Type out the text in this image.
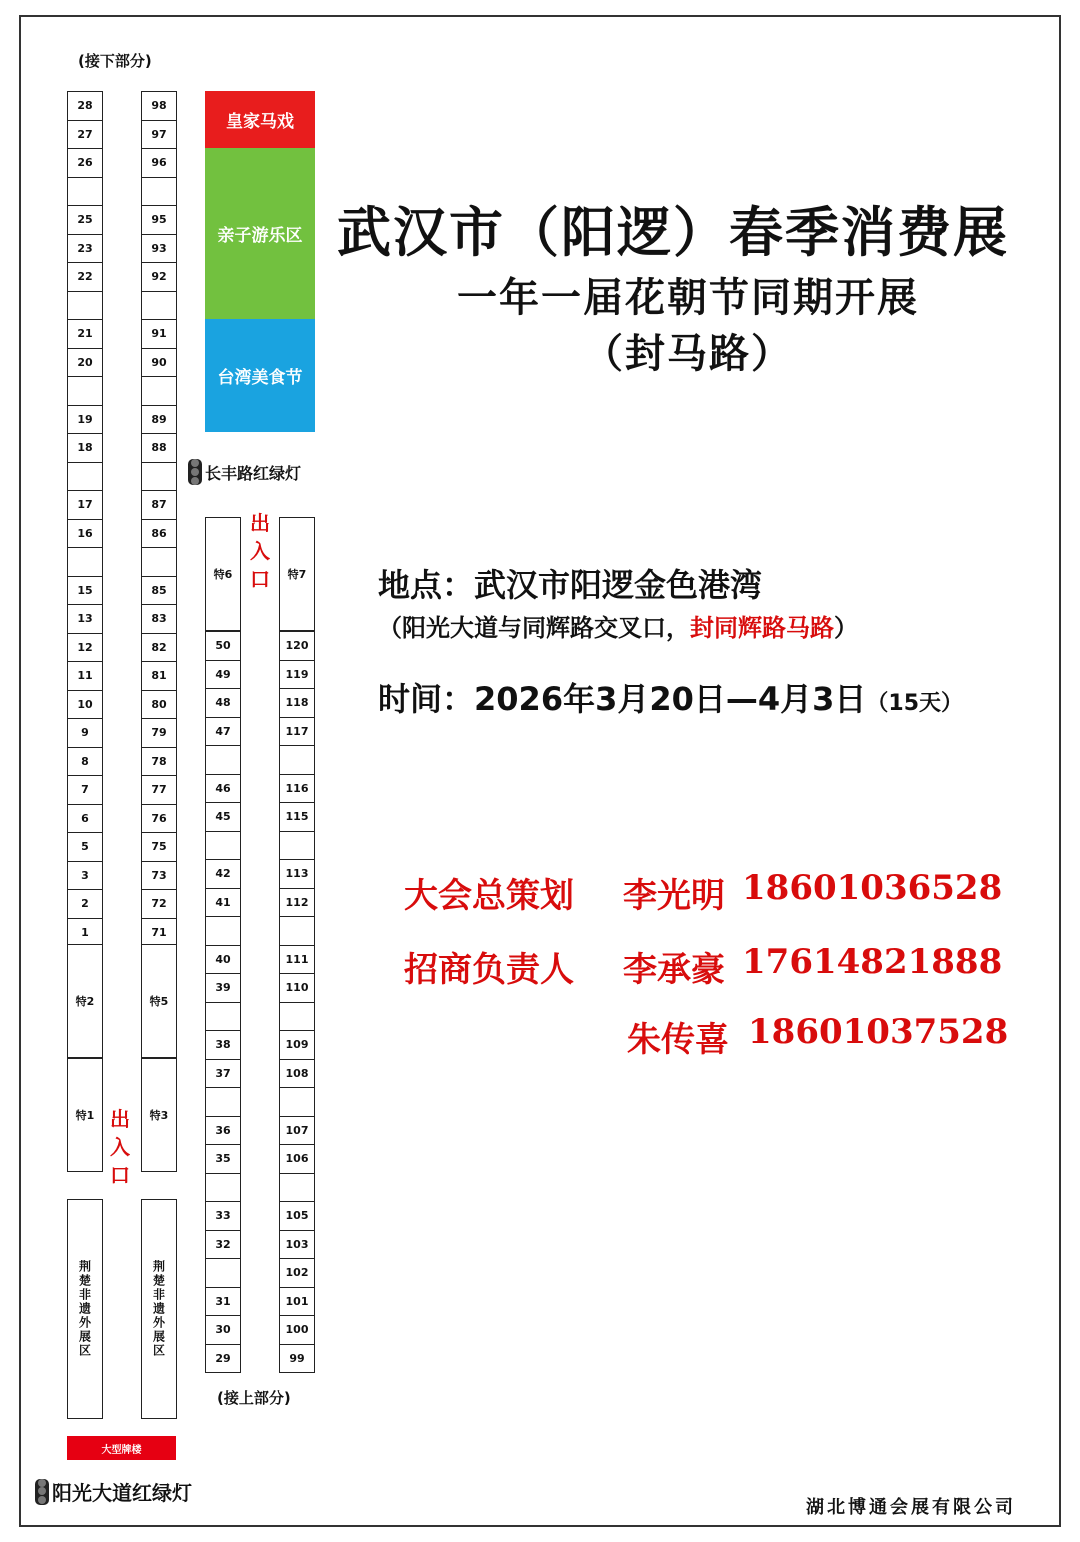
(接下部分)
(接上部分)
28
27
26
25
23
22
21
20
19
18
17
16
15
13
12
11
10
9
8
7
6
5
3
2
1
98
97
96
95
93
92
91
90
89
88
87
86
85
83
82
81
80
79
78
77
76
75
73
72
71
50
49
48
47
46
45
42
41
40
39
38
37
36
35
33
32
31
30
29
120
119
118
117
116
115
113
112
111
110
109
108
107
106
105
103
102
101
100
99
特2
特1
特5
特3
特6	特7
荆楚非遗外展区	荆楚非遗外展区
皇家马戏
亲子游乐区
台湾美食节
长丰路红绿灯
阳光大道红绿灯
出入口
出入口
大型牌楼
武汉市（阳逻）春季消费展
一年一届花朝节同期开展
（封马路）
地点：武汉市阳逻金色港湾
（阳光大道与同辉路交叉口，封同辉路马路）
时间：2026年3月20日—4月3日（15天）
大会总策划 李光明 18601036528
招商负责人 李承豪 17614821888
朱传喜 18601037528
湖北博通会展有限公司
